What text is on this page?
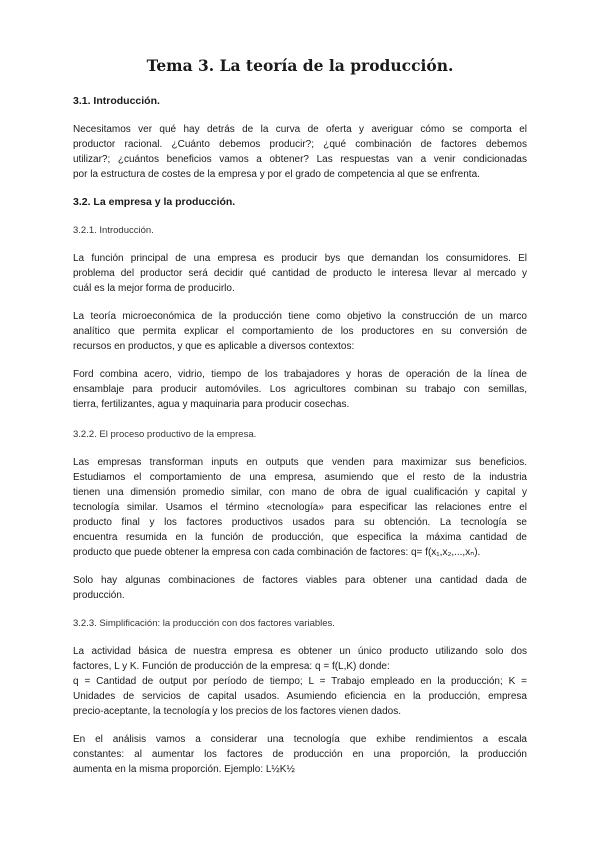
Tema 3. La teoría de la producción.
3.1. Introducción.
Necesitamos ver qué hay detrás de la curva de oferta y averiguar cómo se comporta el
productor racional. ¿Cuánto debemos producir?; ¿qué combinación de factores debemos
utilizar?; ¿cuántos beneficios vamos a obtener? Las respuestas van a venir condicionadas
por la estructura de costes de la empresa y por el grado de competencia al que se enfrenta.
3.2. La empresa y la producción.
3.2.1. Introducción.
La función principal de una empresa es producir bys que demandan los consumidores. El
problema del productor será decidir qué cantidad de producto le interesa llevar al mercado y
cuál es la mejor forma de producirlo.
La teoría microeconómica de la producción tiene como objetivo la construcción de un marco
analítico que permita explicar el comportamiento de los productores en su conversión de
recursos en productos, y que es aplicable a diversos contextos:
Ford combina acero, vidrio, tiempo de los trabajadores y horas de operación de la línea de
ensamblaje para producir automóviles. Los agricultores combinan su trabajo con semillas,
tierra, fertilizantes, agua y maquinaria para producir cosechas.
3.2.2. El proceso productivo de la empresa.
Las empresas transforman inputs en outputs que venden para maximizar sus beneficios.
Estudiamos el comportamiento de una empresa, asumiendo que el resto de la industria
tienen una dimensión promedio similar, con mano de obra de igual cualificación y capital y
tecnología similar. Usamos el término «tecnología» para especificar las relaciones entre el
producto final y los factores productivos usados para su obtención. La tecnología se
encuentra resumida en la función de producción, que especifica la máxima cantidad de
producto que puede obtener la empresa con cada combinación de factores: q= f(x₁,x₂,...,xₙ).
Solo hay algunas combinaciones de factores viables para obtener una cantidad dada de
producción.
3.2.3. Simplificación: la producción con dos factores variables.
La actividad básica de nuestra empresa es obtener un único producto utilizando solo dos
factores, L y K. Función de producción de la empresa: q = f(L,K) donde:
q = Cantidad de output por período de tiempo; L = Trabajo empleado en la producción; K =
Unidades de servicios de capital usados. Asumiendo eficiencia en la producción, empresa
precio-aceptante, la tecnología y los precios de los factores vienen dados.
En el análisis vamos a considerar una tecnología que exhibe rendimientos a escala
constantes: al aumentar los factores de producción en una proporción, la producción
aumenta en la misma proporción. Ejemplo: L½K½
